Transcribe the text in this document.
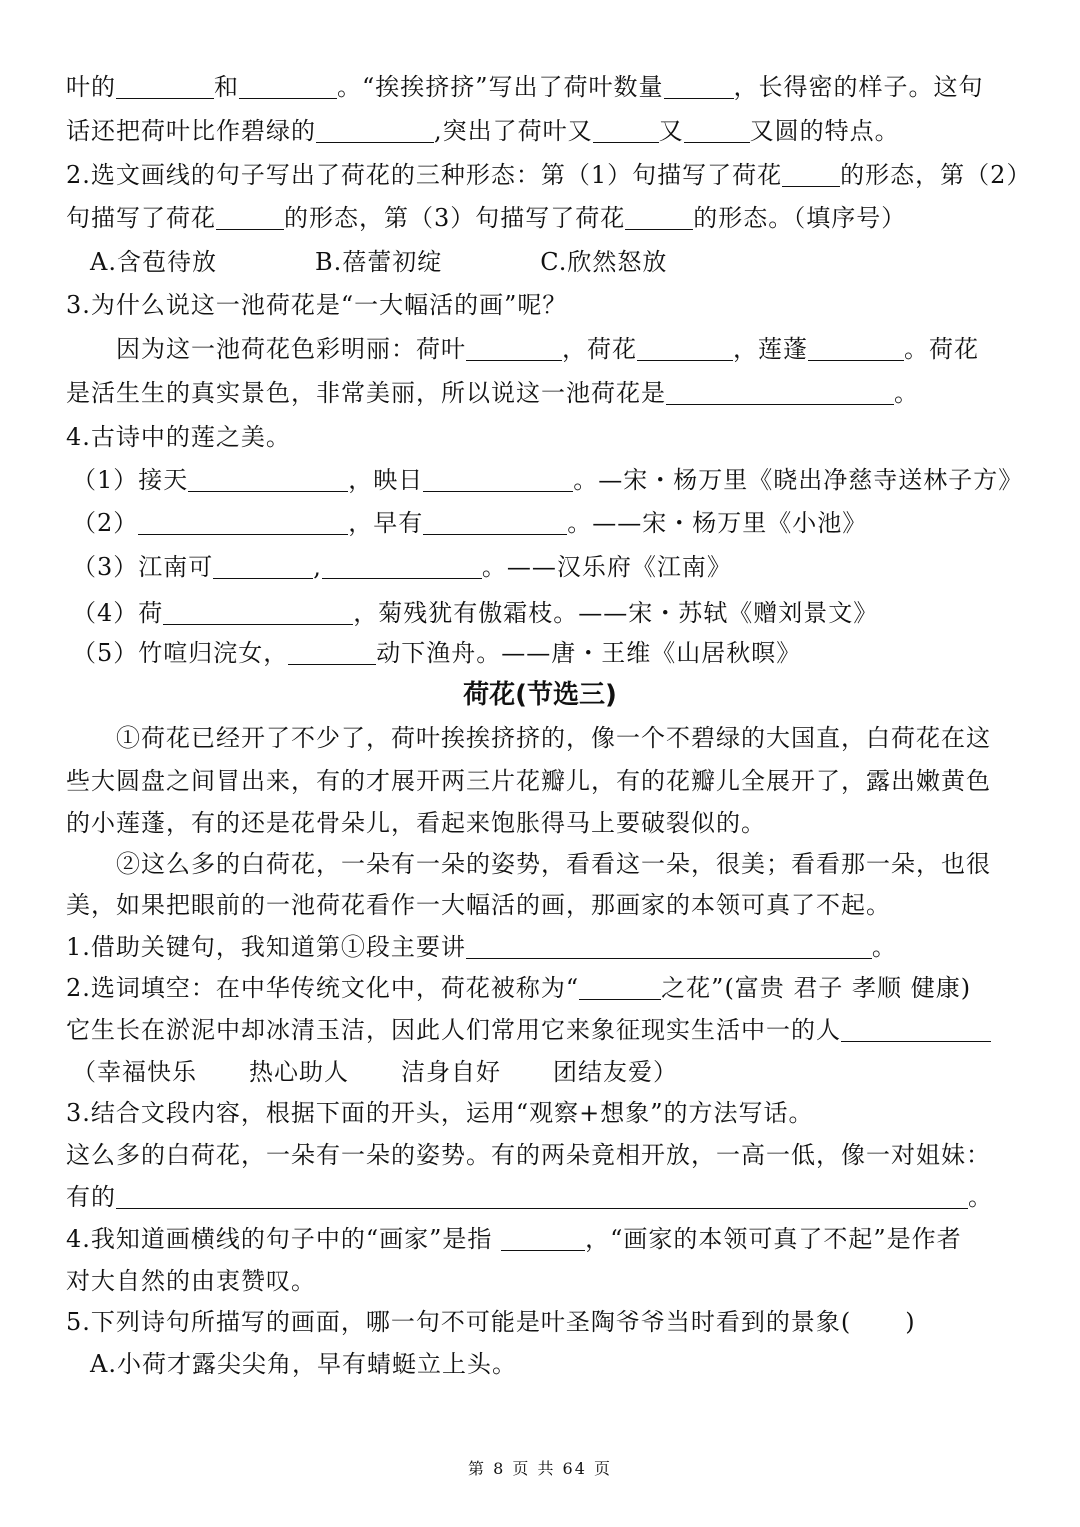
叶的	和	。“挨挨挤挤”写出了荷叶数量	，长得密的样子。这句
话还把荷叶比作碧绿的	,突出了荷叶又	又	又圆的特点。
2.选文画线的句子写出了荷花的三种形态：第（1）句描写了荷花 的形态，第（2）
句描写了荷花	的形态，第（3）句描写了荷花	的形态。（填序号）
A.含苞待放	B.蓓蕾初绽	C.欣然怒放
3.为什么说这一池荷花是“一大幅活的画”呢？
因为这一池荷花色彩明丽：荷叶	，荷花	，莲蓬	。荷花
是活生生的真实景色，非常美丽，所以说这一池荷花是	。
4.古诗中的莲之美。
（1）接天	，映日	。—宋・杨万里《晓出净慈寺送林子方》
（2）	，早有	。——宋・杨万里《小池》
（3）江南可	,	。——汉乐府《江南》
（4）荷	，菊残犹有傲霜枝。——宋・苏轼《赠刘景文》
（5）竹喧归浣女，	动下渔舟。——唐・王维《山居秋暝》
荷花(节选三)
①荷花已经开了不少了，荷叶挨挨挤挤的，像一个不碧绿的大国直，白荷花在这
些大圆盘之间冒出来，有的才展开两三片花瓣儿，有的花瓣儿全展开了，露出嫩黄色
的小莲蓬，有的还是花骨朵儿，看起来饱胀得马上要破裂似的。
②这么多的白荷花，一朵有一朵的姿势，看看这一朵，很美；看看那一朵，也很
美，如果把眼前的一池荷花看作一大幅活的画，那画家的本领可真了不起。
1.借助关键句，我知道第①段主要讲	。
2.选词填空：在中华传统文化中，荷花被称为“	之花”(富贵 君子 孝顺 健康)
它生长在淤泥中却冰清玉洁，因此人们常用它来象征现实生活中一的人
（幸福快乐 热心助人 洁身自好 团结友爱）
3.结合文段内容，根据下面的开头，运用“观察+想象”的方法写话。
这么多的白荷花，一朵有一朵的姿势。有的两朵竟相开放，一高一低，像一对姐妹：
有的	。
4.我知道画横线的句子中的“画家”是指	，“画家的本领可真了不起”是作者
对大自然的由衷赞叹。
5.下列诗句所描写的画面，哪一句不可能是叶圣陶爷爷当时看到的景象( )
A.小荷才露尖尖角，早有蜻蜓立上头。
第 8 页 共 64 页
